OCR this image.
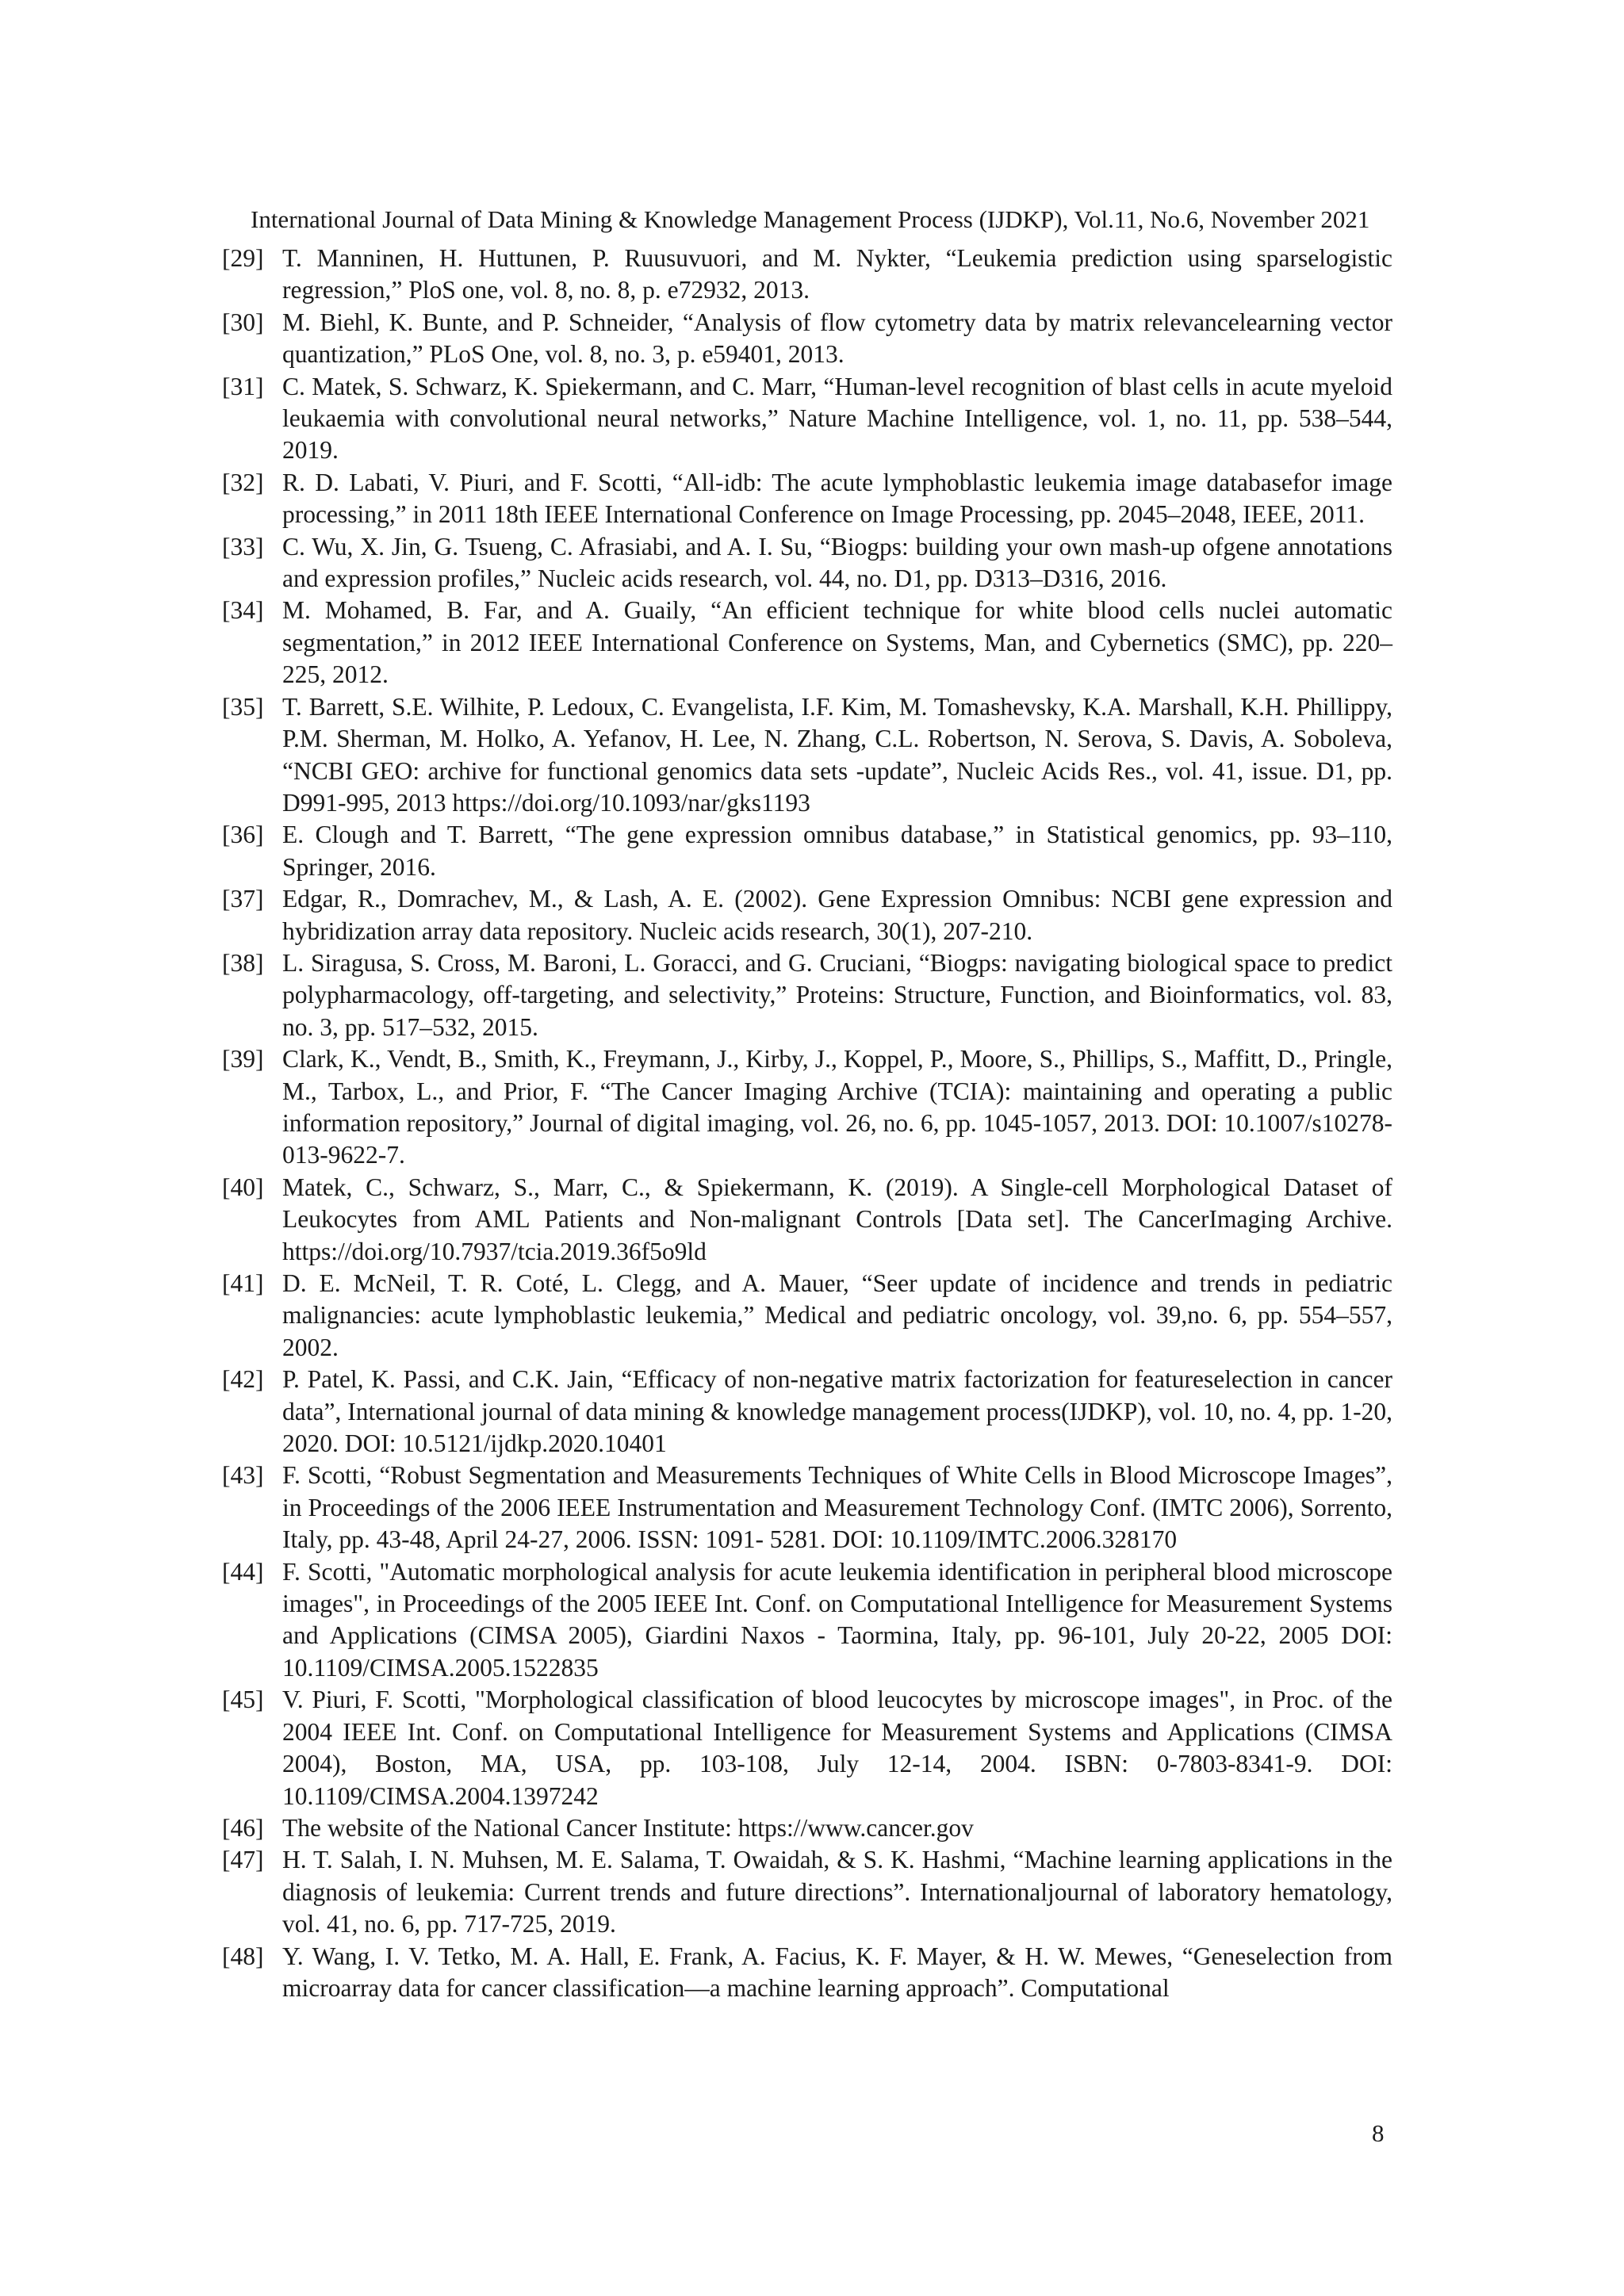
International Journal of Data Mining & Knowledge Management Process (IJDKP), Vol.11, No.6, November 2021

[29] T. Manninen, H. Huttunen, P. Ruusuvuori, and M. Nykter, “Leukemia prediction using sparselogistic regression,” PloS one, vol. 8, no. 8, p. e72932, 2013.

[30] M. Biehl, K. Bunte, and P. Schneider, “Analysis of flow cytometry data by matrix relevancelearning vector quantization,” PLoS One, vol. 8, no. 3, p. e59401, 2013.

[31] C. Matek, S. Schwarz, K. Spiekermann, and C. Marr, “Human-level recognition of blast cells in acute myeloid leukaemia with convolutional neural networks,” Nature Machine Intelligence, vol. 1, no. 11, pp. 538–544, 2019.

[32] R. D. Labati, V. Piuri, and F. Scotti, “All-idb: The acute lymphoblastic leukemia image databasefor image processing,” in 2011 18th IEEE International Conference on Image Processing, pp. 2045–2048, IEEE, 2011.

[33] C. Wu, X. Jin, G. Tsueng, C. Afrasiabi, and A. I. Su, “Biogps: building your own mash-up ofgene annotations and expression profiles,” Nucleic acids research, vol. 44, no. D1, pp. D313–D316, 2016.

[34] M. Mohamed, B. Far, and A. Guaily, “An efficient technique for white blood cells nuclei automatic segmentation,” in 2012 IEEE International Conference on Systems, Man, and Cybernetics (SMC), pp. 220–225, 2012.

[35] T. Barrett, S.E. Wilhite, P. Ledoux, C. Evangelista, I.F. Kim, M. Tomashevsky, K.A. Marshall, K.H. Phillippy, P.M. Sherman, M. Holko, A. Yefanov, H. Lee, N. Zhang, C.L. Robertson, N. Serova, S. Davis, A. Soboleva, “NCBI GEO: archive for functional genomics data sets -update”, Nucleic Acids Res., vol. 41, issue. D1, pp. D991-995, 2013 https://doi.org/10.1093/nar/gks1193

[36] E. Clough and T. Barrett, “The gene expression omnibus database,” in Statistical genomics, pp. 93–110, Springer, 2016.

[37] Edgar, R., Domrachev, M., & Lash, A. E. (2002). Gene Expression Omnibus: NCBI gene expression and hybridization array data repository. Nucleic acids research, 30(1), 207-210.

[38] L. Siragusa, S. Cross, M. Baroni, L. Goracci, and G. Cruciani, “Biogps: navigating biological space to predict polypharmacology, off-targeting, and selectivity,” Proteins: Structure, Function, and Bioinformatics, vol. 83, no. 3, pp. 517–532, 2015.

[39] Clark, K., Vendt, B., Smith, K., Freymann, J., Kirby, J., Koppel, P., Moore, S., Phillips, S., Maffitt, D., Pringle, M., Tarbox, L., and Prior, F. “The Cancer Imaging Archive (TCIA): maintaining and operating a public information repository,” Journal of digital imaging, vol. 26, no. 6, pp. 1045-1057, 2013. DOI: 10.1007/s10278-013-9622-7.

[40] Matek, C., Schwarz, S., Marr, C., & Spiekermann, K. (2019). A Single-cell Morphological Dataset of Leukocytes from AML Patients and Non-malignant Controls [Data set]. The CancerImaging Archive. https://doi.org/10.7937/tcia.2019.36f5o9ld

[41] D. E. McNeil, T. R. Coté, L. Clegg, and A. Mauer, “Seer update of incidence and trends in pediatric malignancies: acute lymphoblastic leukemia,” Medical and pediatric oncology, vol. 39,no. 6, pp. 554–557, 2002.

[42] P. Patel, K. Passi, and C.K. Jain, “Efficacy of non-negative matrix factorization for featureselection in cancer data”, International journal of data mining & knowledge management process(IJDKP), vol. 10, no. 4, pp. 1-20, 2020. DOI: 10.5121/ijdkp.2020.10401

[43] F. Scotti, “Robust Segmentation and Measurements Techniques of White Cells in Blood Microscope Images”, in Proceedings of the 2006 IEEE Instrumentation and Measurement Technology Conf. (IMTC 2006), Sorrento, Italy, pp. 43-48, April 24-27, 2006. ISSN: 1091- 5281. DOI: 10.1109/IMTC.2006.328170

[44] F. Scotti, "Automatic morphological analysis for acute leukemia identification in peripheral blood microscope images", in Proceedings of the 2005 IEEE Int. Conf. on Computational Intelligence for Measurement Systems and Applications (CIMSA 2005), Giardini Naxos - Taormina, Italy, pp. 96-101, July 20-22, 2005 DOI: 10.1109/CIMSA.2005.1522835

[45] V. Piuri, F. Scotti, "Morphological classification of blood leucocytes by microscope images", in Proc. of the 2004 IEEE Int. Conf. on Computational Intelligence for Measurement Systems and Applications (CIMSA 2004), Boston, MA, USA, pp. 103-108, July 12-14, 2004. ISBN: 0-7803-8341-9. DOI: 10.1109/CIMSA.2004.1397242

[46] The website of the National Cancer Institute: https://www.cancer.gov

[47] H. T. Salah, I. N. Muhsen, M. E. Salama, T. Owaidah, & S. K. Hashmi, “Machine learning applications in the diagnosis of leukemia: Current trends and future directions”. Internationaljournal of laboratory hematology, vol. 41, no. 6, pp. 717-725, 2019.

[48] Y. Wang, I. V. Tetko, M. A. Hall, E. Frank, A. Facius, K. F. Mayer, & H. W. Mewes, “Geneselection from microarray data for cancer classification—a machine learning approach”. Computational

8
